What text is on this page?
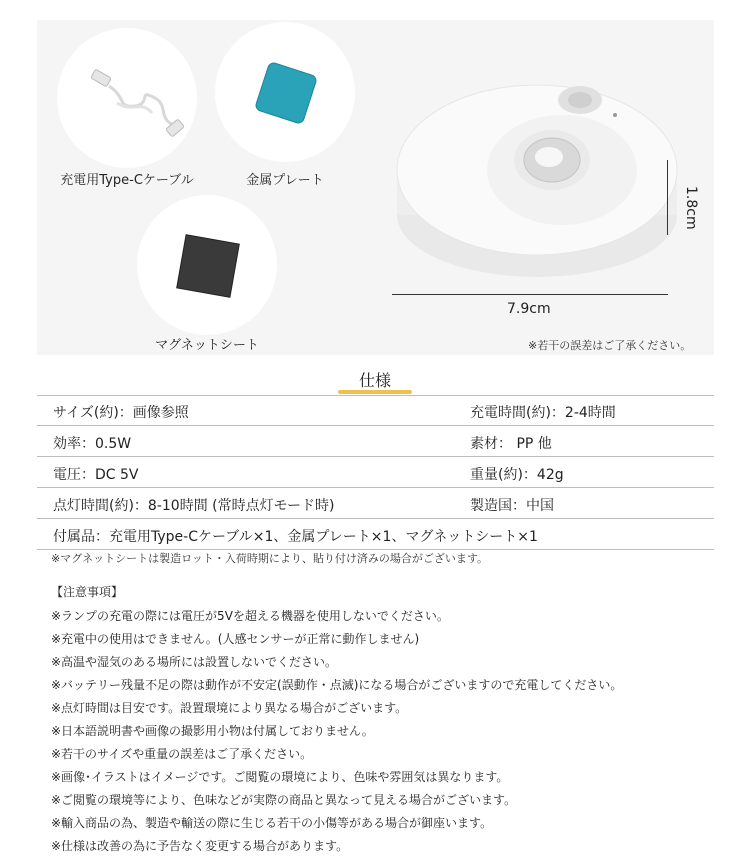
充電用Type-Cケーブル	金属プレート
マグネットシート
1.8cm
7.9cm
※若干の誤差はご了承ください。
仕様
サイズ(約)：画像参照	充電時間(約)：2-4時間
効率：0.5W	素材： PP 他
電圧：DC 5V	重量(約)：42g
点灯時間(約)：8-10時間 (常時点灯モード時)	製造国：中国
付属品：充電用Type-Cケーブル×1、金属プレート×1、マグネットシート×1
※マグネットシートは製造ロット・入荷時期により、貼り付け済みの場合がございます。
【注意事項】
※ランプの充電の際には電圧が5Vを超える機器を使用しないでください。
※充電中の使用はできません。(人感センサーが正常に動作しません)
※高温や湿気のある場所には設置しないでください。
※バッテリー残量不足の際は動作が不安定(誤動作・点滅)になる場合がございますので充電してください。
※点灯時間は目安です。設置環境により異なる場合がございます。
※日本語説明書や画像の撮影用小物は付属しておりません。
※若干のサイズや重量の誤差はご了承ください。
※画像･イラストはイメージです。ご閲覧の環境により、色味や雰囲気は異なります。
※ご閲覧の環境等により、色味などが実際の商品と異なって見える場合がございます。
※輸入商品の為、製造や輸送の際に生じる若干の小傷等がある場合が御座います。
※仕様は改善の為に予告なく変更する場合があります。
